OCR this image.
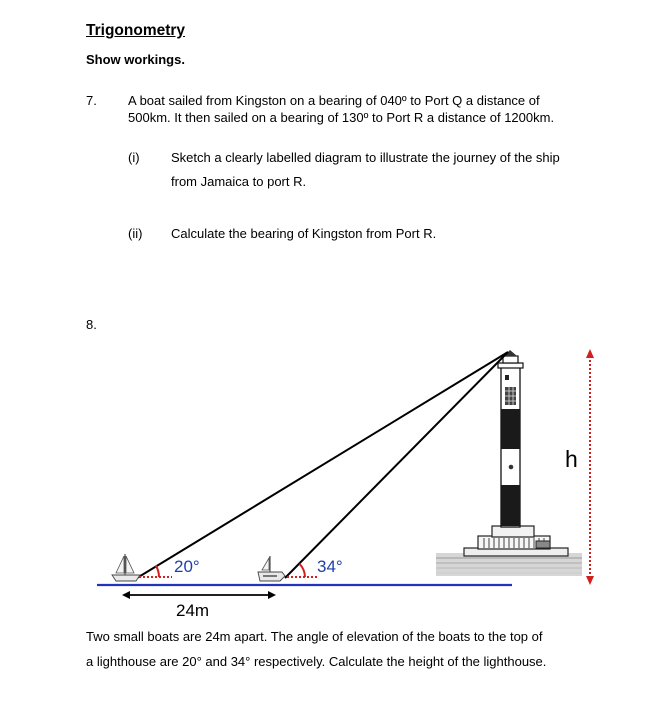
Trigonometry
Show workings.
7. A boat sailed from Kingston on a bearing of 040º to Port Q a distance of
500km. It then sailed on a bearing of 130º to Port R a distance of 1200km.
(i) Sketch a clearly labelled diagram to illustrate the journey of the ship
from Jamaica to port R.
(ii) Calculate the bearing of Kingston from Port R.
8.
h
20°	34°
24m
Two small boats are 24m apart. The angle of elevation of the boats to the top of
a lighthouse are 20° and 34° respectively. Calculate the height of the lighthouse.
